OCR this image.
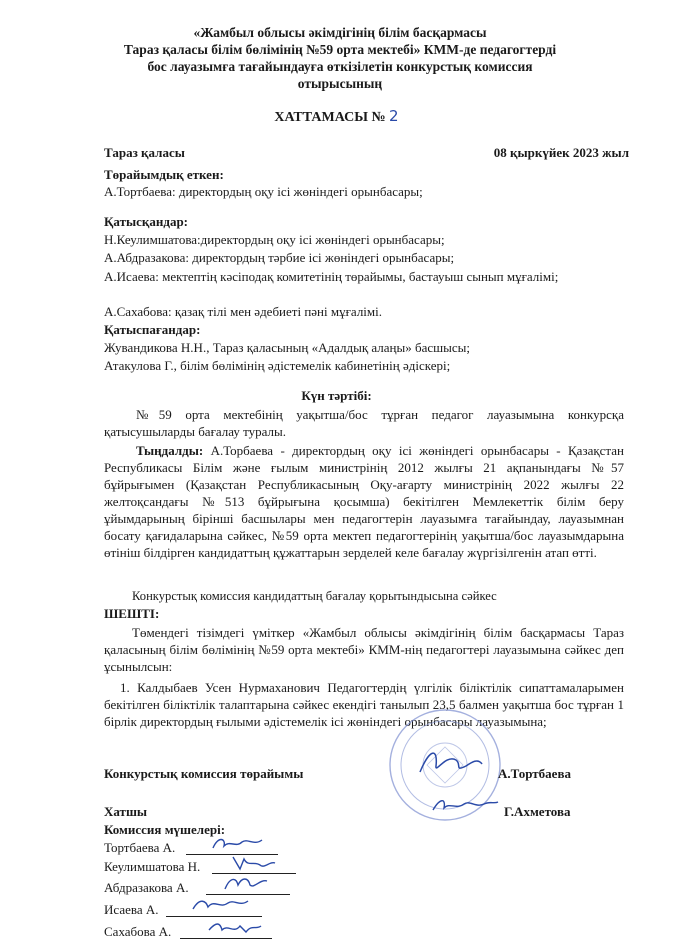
«Жамбыл облысы әкімдігінің білім басқармасы
Тараз қаласы білім бөлімінің №59 орта мектебі» КММ-де педагогтерді
бос лауазымға тағайындауға өткізілетін конкурстық комиссия
отырысының
ХАТТАМАСЫ № 2
Тараз қаласы	08 қыркүйек 2023 жыл
Төрайымдық еткен:
А.Тортбаева: директордың оқу ісі жөніндегі орынбасары;
Қатысқандар:
Н.Кеулимшатова:директордың оқу ісі жөніндегі орынбасары;
А.Абдразакова: директордың тәрбие ісі жөніндегі орынбасары;

А.Исаева: мектептің кәсіподақ комитетінің төрайымы, бастауыш сынып мұғалімі;

А.Сахабова: қазақ тілі мен әдебиеті пәні мұғалімі.
Қатыспағандар:
Жувандикова Н.Н., Тараз қаласының «Адалдық алаңы» басшысы;
Атакулова Г., білім бөлімінің әдістемелік кабинетінің әдіскері;
Күн тәртібі:

№59 орта мектебінің уақытша/бос тұрған педагог лауазымына конкурсқа қатысушыларды бағалау туралы.

Тыңдалды: А.Торбаева - директордың оқу ісі жөніндегі орынбасары - Қазақстан Республикасы Білім және ғылым министрінің 2012 жылғы 21 ақпанындағы №57 бұйрығымен (Қазақстан Республикасының Оқу-ағарту министрінің 2022 жылғы 22 желтоқсандағы №513 бұйрығына қосымша) бекітілген Мемлекеттік білім беру ұйымдарының бірінші басшылары мен педагогтерін лауазымға тағайындау, лауазымнан босату қағидаларына сәйкес, №59 орта мектеп педагогтерінің уақытша/бос лауазымдарына өтініш білдірген кандидаттың құжаттарын зерделей келе бағалау жүргізілгенін атап өтті.

Конкурстық комиссия кандидаттың бағалау қорытындысына сәйкес

ШЕШТІ:

Төмендегі тізімдегі үміткер «Жамбыл облысы әкімдігінің білім басқармасы Тараз қаласының білім бөлімінің №59 орта мектебі» КММ-нің педагогтері лауазымына сәйкес деп ұсынылсын:

1. Калдыбаев Усен Нурмаханович Педагогтердің үлгілік біліктілік сипаттамаларымен бекітілген біліктілік талаптарына сәйкес екендігі танылып 23,5 балмен уақытша бос тұрған 1 бірлік директордың ғылыми әдістемелік ісі жөніндегі орынбасары лауазымына;

Конкурстық комиссия төрайымы	А.Тортбаева
Хатшы	Г.Ахметова
Комиссия мүшелері:
Тортбаева А.
Кеулимшатова Н.
Абдразакова А.
Исаева А.
Сахабова А.
